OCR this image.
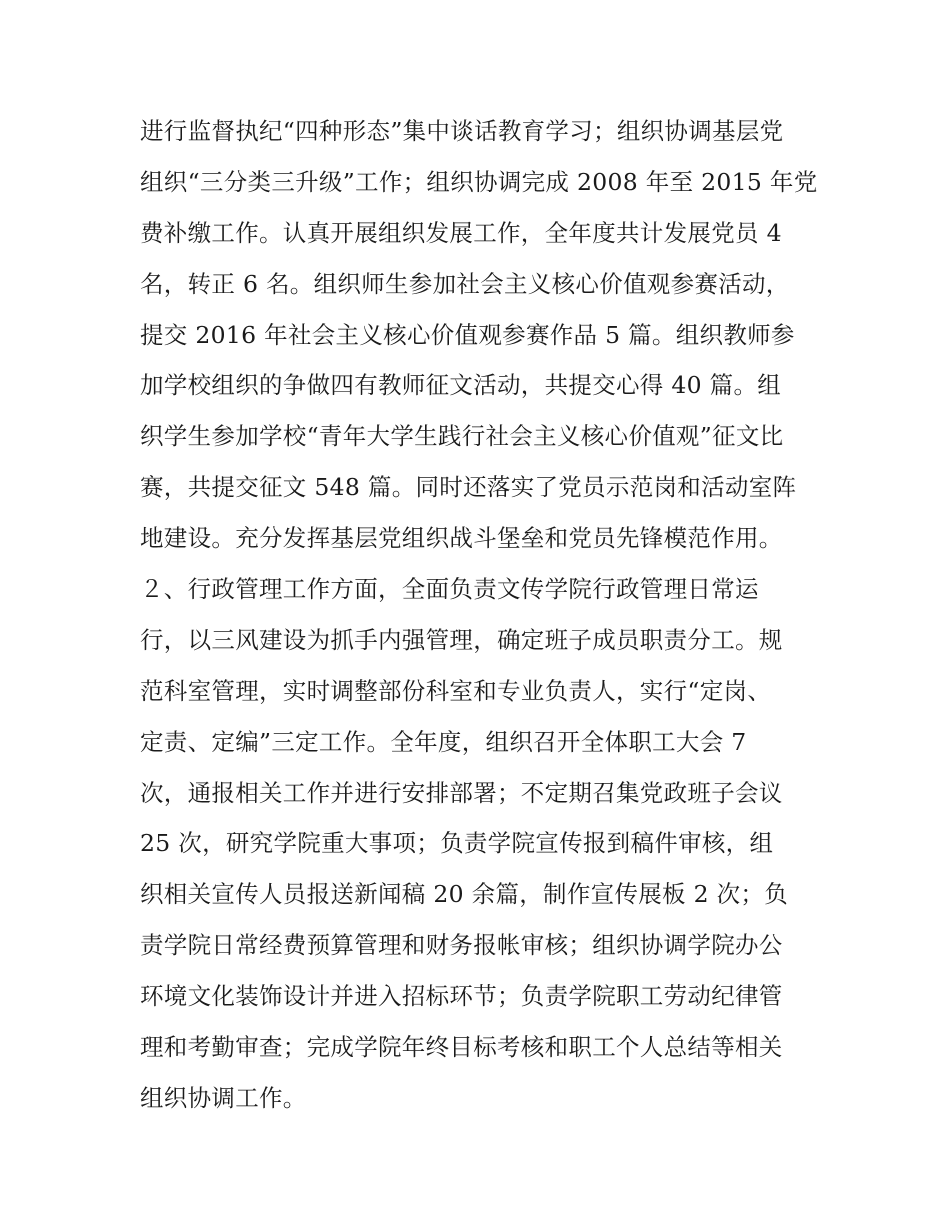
进行监督执纪“四种形态”集中谈话教育学习；组织协调基层党
组织“三分类三升级”工作；组织协调完成 2008 年至 2015 年党
费补缴工作。认真开展组织发展工作，全年度共计发展党员 4
名，转正 6 名。组织师生参加社会主义核心价值观参赛活动，
提交 2016 年社会主义核心价值观参赛作品 5 篇。组织教师参
加学校组织的争做四有教师征文活动，共提交心得 40 篇。组
织学生参加学校“青年大学生践行社会主义核心价值观”征文比
赛，共提交征文 548 篇。同时还落实了党员示范岗和活动室阵
地建设。充分发挥基层党组织战斗堡垒和党员先锋模范作用。
２、行政管理工作方面，全面负责文传学院行政管理日常运
行，以三风建设为抓手内强管理，确定班子成员职责分工。规
范科室管理，实时调整部份科室和专业负责人，实行“定岗、
定责、定编”三定工作。全年度，组织召开全体职工大会 7
次，通报相关工作并进行安排部署；不定期召集党政班子会议
25 次，研究学院重大事项；负责学院宣传报到稿件审核，组
织相关宣传人员报送新闻稿 20 余篇，制作宣传展板 2 次；负
责学院日常经费预算管理和财务报帐审核；组织协调学院办公
环境文化装饰设计并进入招标环节；负责学院职工劳动纪律管
理和考勤审查；完成学院年终目标考核和职工个人总结等相关
组织协调工作。
